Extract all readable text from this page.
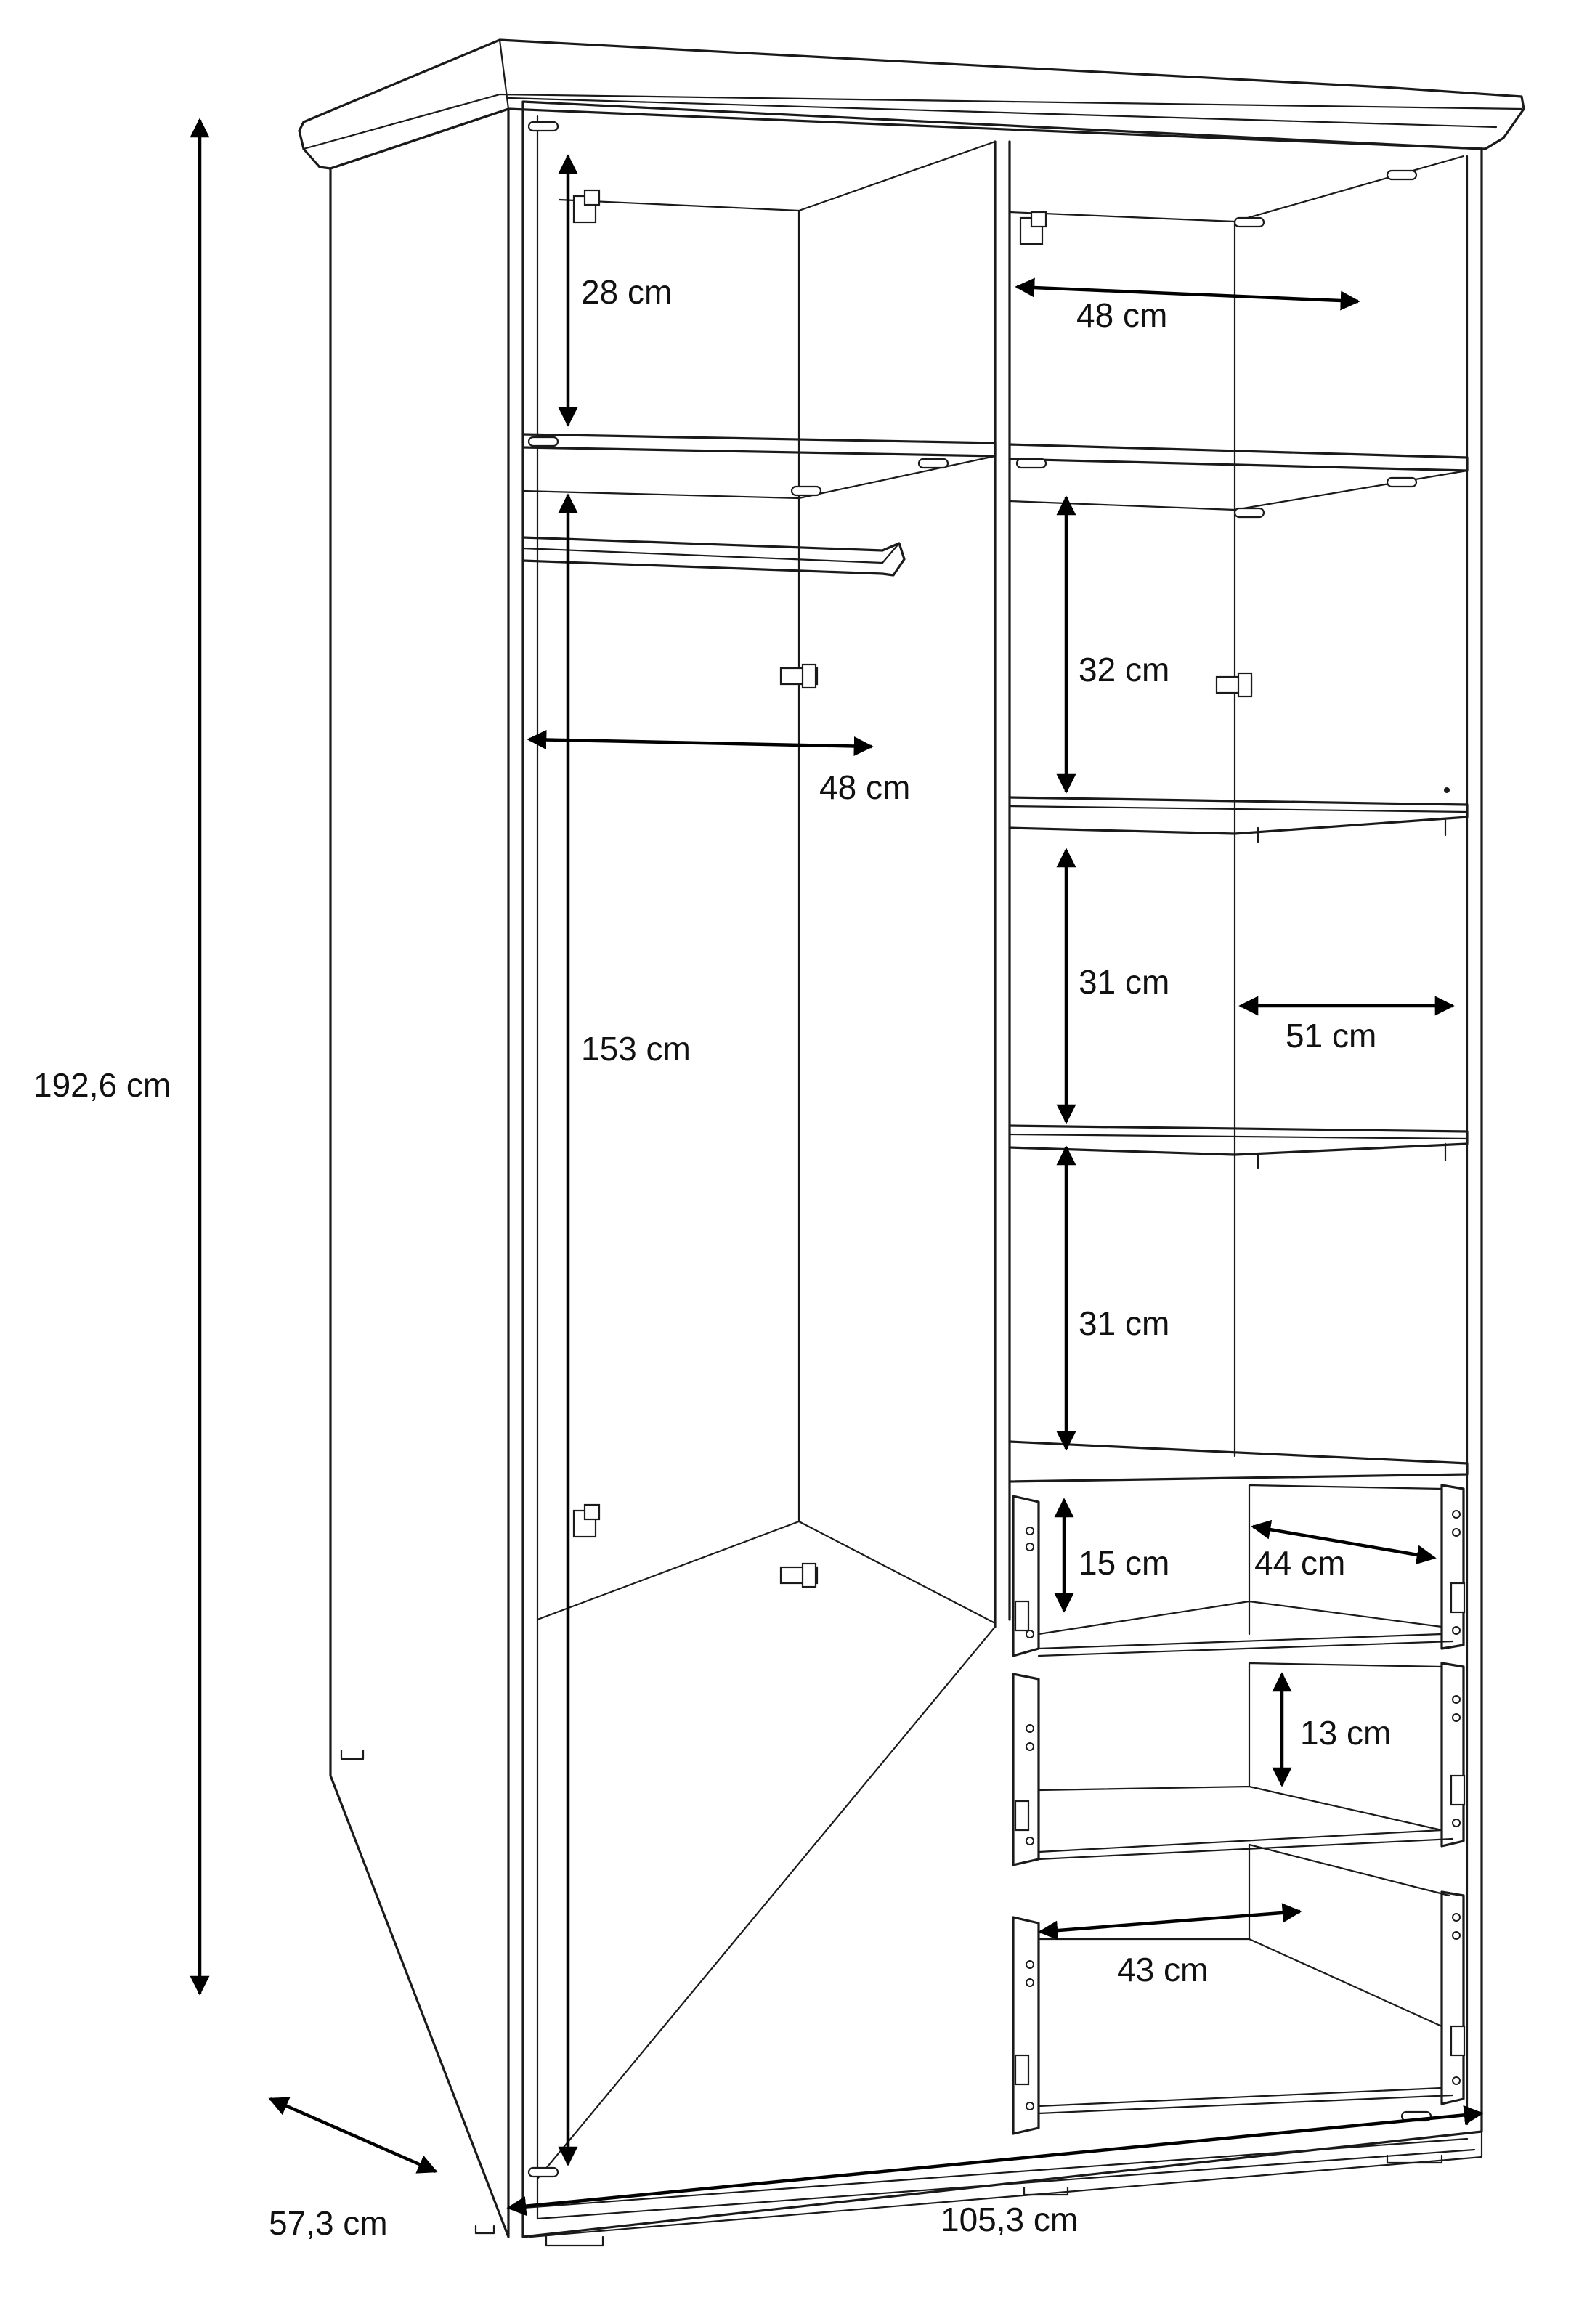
192,6 cm
57,3 cm	105,3 cm
28 cm
153 cm
48 cm
48 cm
32 cm
31 cm
51 cm
31 cm
15 cm	44 cm
13 cm
43 cm
